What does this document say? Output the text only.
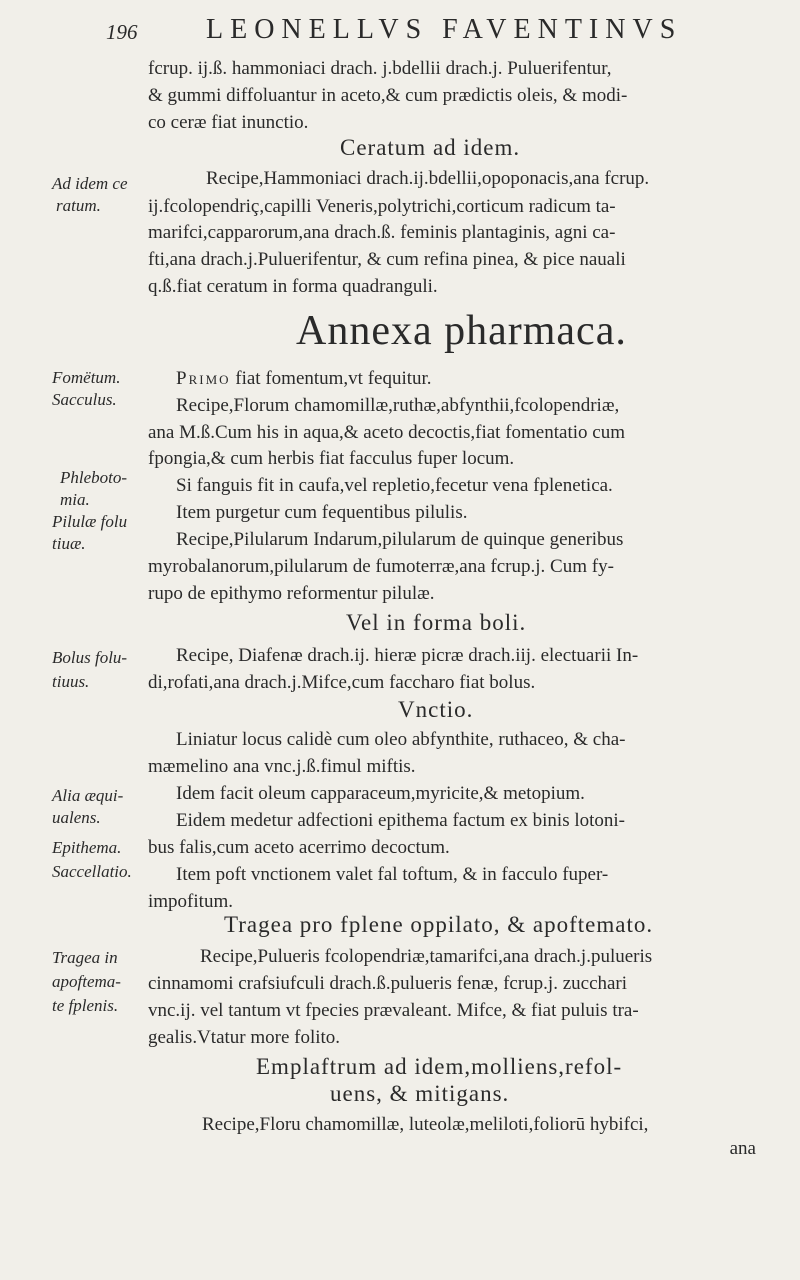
196 LEONELLVS FAVENTINVS
fcrup. ij.ß. hammoniaci drach. j.bdellii drach.j. Puluerifentur,
& gummi diffoluantur in aceto,& cum prædictis oleis, & modi-
co ceræ fiat inunctio.
Ceratum ad idem.
Recipe,Hammoniaci drach.ij.bdellii,opoponacis,ana fcrup.
ij.fcolopendriç,capilli Veneris,polytrichi,corticum radicum ta-
marifci,capparorum,ana drach.ß. feminis plantaginis, agni ca-
fti,ana drach.j.Puluerifentur, & cum refina pinea, & pice nauali
q.ß.fiat ceratum in forma quadranguli.
Annexa pharmaca.
Primo fiat fomentum,vt fequitur.
Recipe,Florum chamomillæ,ruthæ,abfynthii,fcolopendriæ,
ana M.ß.Cum his in aqua,& aceto decoctis,fiat fomentatio cum
fpongia,& cum herbis fiat facculus fuper locum.
Si fanguis fit in caufa,vel repletio,fecetur vena fplenetica.
Item purgetur cum fequentibus pilulis.
Recipe,Pilularum Indarum,pilularum de quinque generibus
myrobalanorum,pilularum de fumoterræ,ana fcrup.j. Cum fy-
rupo de epithymo reformentur pilulæ.
Vel in forma boli.
Recipe, Diafenæ drach.ij. hieræ picræ drach.iij. electuarii In-
di,rofati,ana drach.j.Mifce,cum faccharo fiat bolus.
Vnctio.
Liniatur locus calidè cum oleo abfynthite, ruthaceo, & cha-
mæmelino ana vnc.j.ß.fimul miftis.
Idem facit oleum capparaceum,myricite,& metopium.
Eidem medetur adfectioni epithema factum ex binis lotoni-
bus falis,cum aceto acerrimo decoctum.
Item poft vnctionem valet fal toftum, & in facculo fuper-
impofitum.
Tragea pro fplene oppilato, & apoftemato.
Recipe,Pulueris fcolopendriæ,tamarifci,ana drach.j.pulueris
cinnamomi crafsiufculi drach.ß.pulueris fenæ, fcrup.j. zucchari
vnc.ij. vel tantum vt fpecies prævaleant. Mifce, & fiat puluis tra-
gealis.Vtatur more folito.
Emplaftrum ad idem,molliens,refol-
uens, & mitigans.
Recipe,Floru chamomillæ, luteolæ,meliloti,foliorū hybifci,
ana
Ad idem ce
ratum.
Fomëtum.
Sacculus.
Phleboto-
mia.
Pilulæ folu
tiuæ.
Bolus folu-
tiuus.
Alia æqui-
ualens.
Epithema.
Saccellatio.
Tragea in
apoftema-
te fplenis.
